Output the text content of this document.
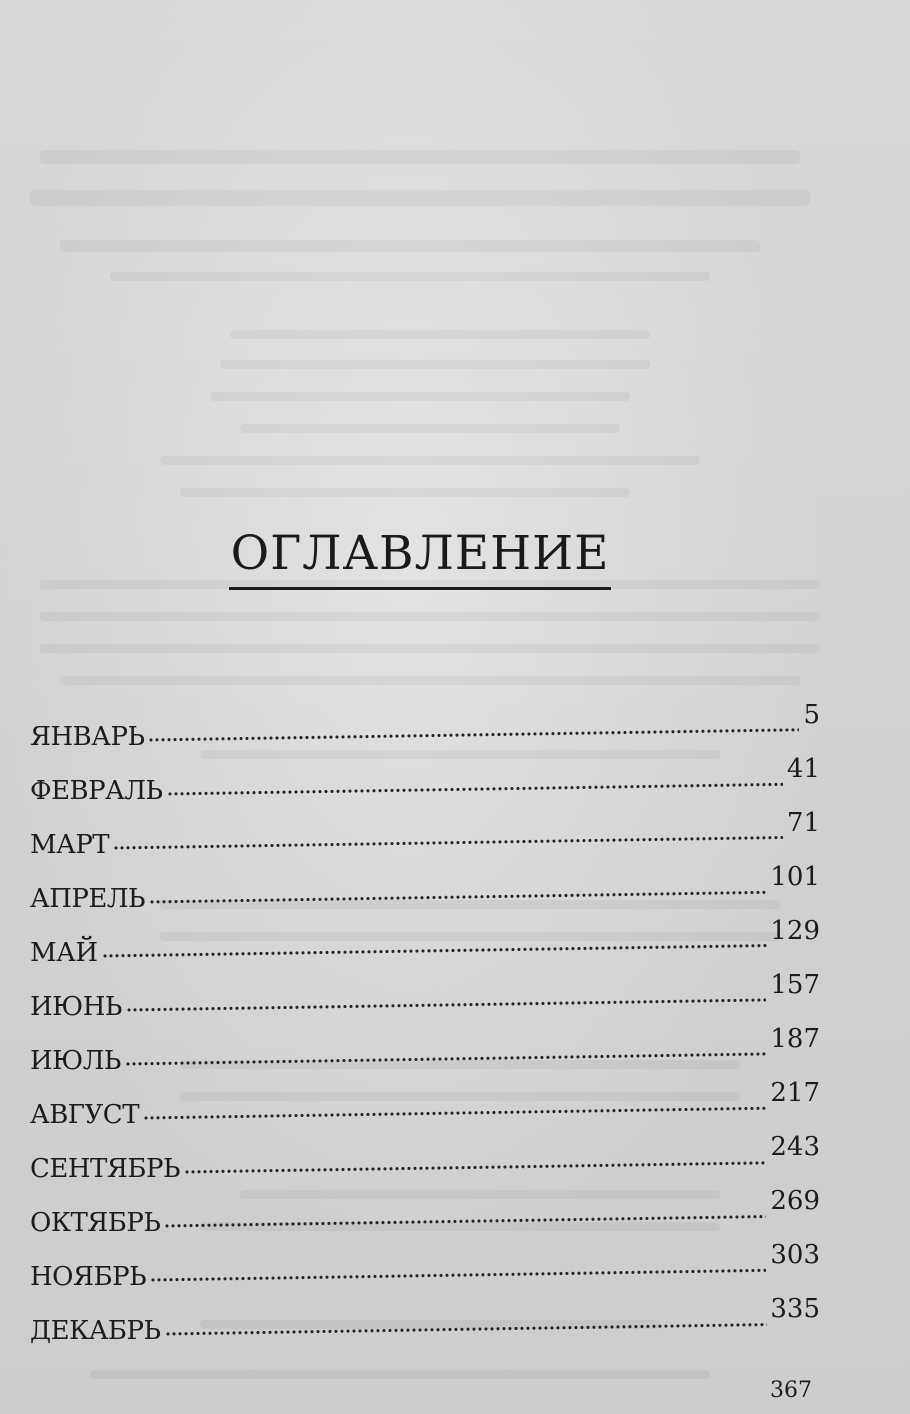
ОГЛАВЛЕНИЕ
ЯНВАРЬ
5
ФЕВРАЛЬ
41
МАРТ
71
АПРЕЛЬ
101
МАЙ
129
ИЮНЬ
157
ИЮЛЬ
187
АВГУСТ
217
СЕНТЯБРЬ
243
ОКТЯБРЬ
269
НОЯБРЬ
303
ДЕКАБРЬ
335
367
